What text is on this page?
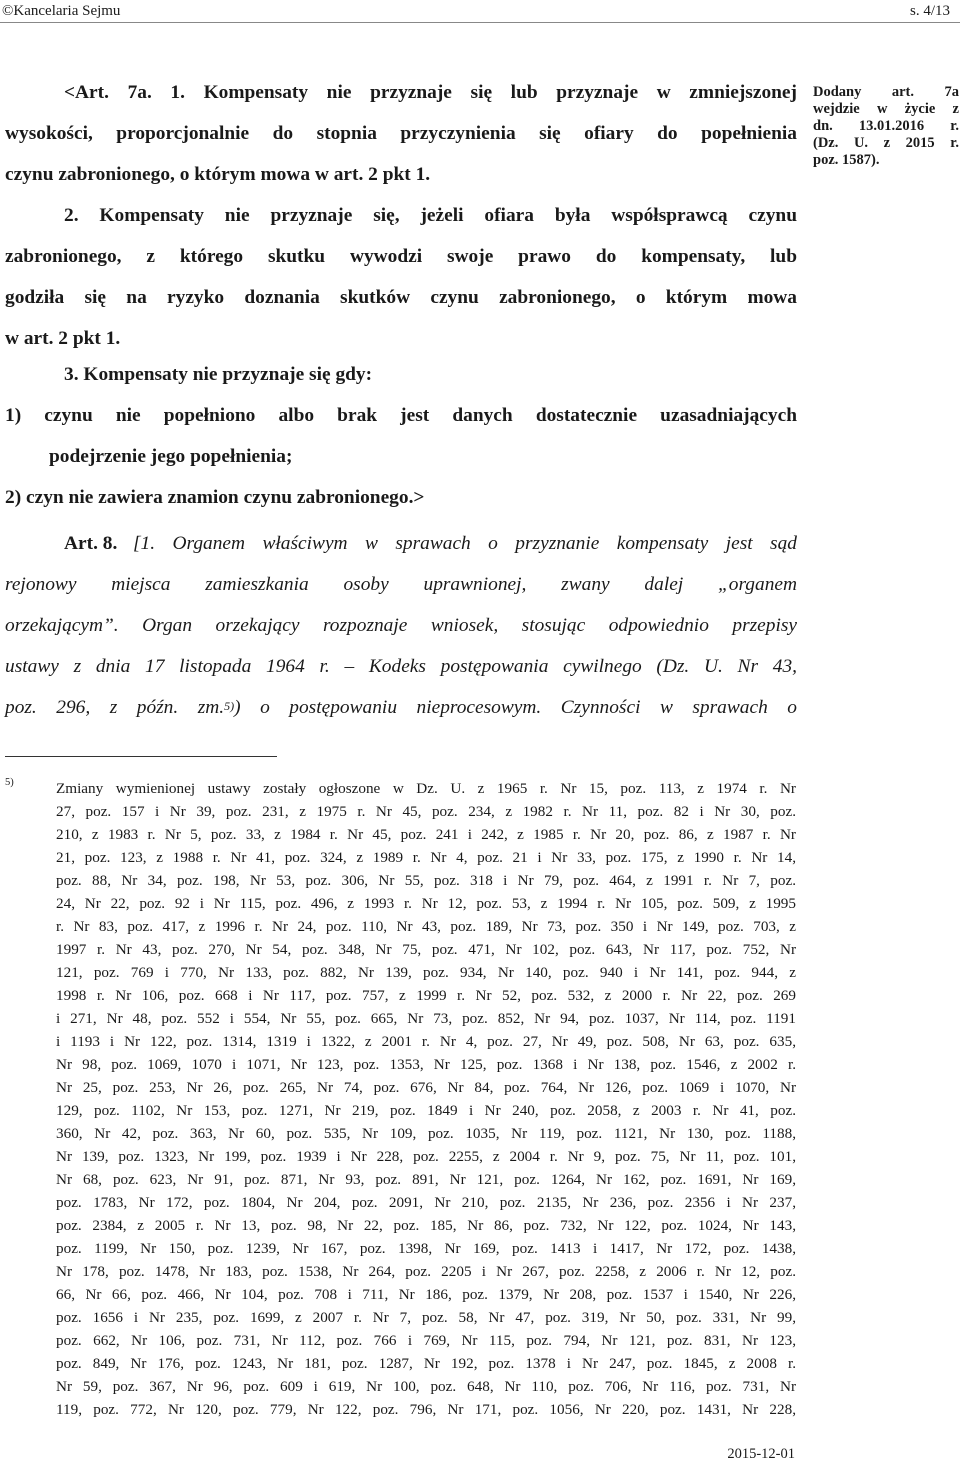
©Kancelaria Sejmu	s. 4/13
Dodany art. 7a
wejdzie w życie z
dn. 13.01.2016 r.
(Dz. U. z 2015 r.
poz. 1587).
<Art. 7a. 1. Kompensaty nie przyznaje się lub przyznaje w zmniejszonej
wysokości, proporcjonalnie do stopnia przyczynienia się ofiary do popełnienia
czynu zabronionego, o którym mowa w art. 2 pkt 1.
2. Kompensaty nie przyznaje się, jeżeli ofiara była współsprawcą czynu
zabronionego, z którego skutku wywodzi swoje prawo do kompensaty, lub
godziła się na ryzyko doznania skutków czynu zabronionego, o którym mowa
w art. 2 pkt 1.
3. Kompensaty nie przyznaje się gdy:
1) czynu nie popełniono albo brak jest danych dostatecznie uzasadniających
podejrzenie jego popełnienia;
2) czyn nie zawiera znamion czynu zabronionego.>
Art. 8. [1. Organem właściwym w sprawach o przyznanie kompensaty jest sąd
rejonowy miejsca zamieszkania osoby uprawnionej, zwany dalej „organem
orzekającym”. Organ orzekający rozpoznaje wniosek, stosując odpowiednio przepisy
ustawy z dnia 17 listopada 1964 r. – Kodeks postępowania cywilnego (Dz. U. Nr 43,
poz. 296, z późn. zm.$^{5)}$) o postępowaniu nieprocesowym. Czynności w sprawach o
5)	Zmiany wymienionej ustawy zostały ogłoszone w Dz. U. z 1965 r. Nr 15, poz. 113, z 1974 r. Nr
27, poz. 157 i Nr 39, poz. 231, z 1975 r. Nr 45, poz. 234, z 1982 r. Nr 11, poz. 82 i Nr 30, poz.
210, z 1983 r. Nr 5, poz. 33, z 1984 r. Nr 45, poz. 241 i 242, z 1985 r. Nr 20, poz. 86, z 1987 r. Nr
21, poz. 123, z 1988 r. Nr 41, poz. 324, z 1989 r. Nr 4, poz. 21 i Nr 33, poz. 175, z 1990 r. Nr 14,
poz. 88, Nr 34, poz. 198, Nr 53, poz. 306, Nr 55, poz. 318 i Nr 79, poz. 464, z 1991 r. Nr 7, poz.
24, Nr 22, poz. 92 i Nr 115, poz. 496, z 1993 r. Nr 12, poz. 53, z 1994 r. Nr 105, poz. 509, z 1995
r. Nr 83, poz. 417, z 1996 r. Nr 24, poz. 110, Nr 43, poz. 189, Nr 73, poz. 350 i Nr 149, poz. 703, z
1997 r. Nr 43, poz. 270, Nr 54, poz. 348, Nr 75, poz. 471, Nr 102, poz. 643, Nr 117, poz. 752, Nr
121, poz. 769 i 770, Nr 133, poz. 882, Nr 139, poz. 934, Nr 140, poz. 940 i Nr 141, poz. 944, z
1998 r. Nr 106, poz. 668 i Nr 117, poz. 757, z 1999 r. Nr 52, poz. 532, z 2000 r. Nr 22, poz. 269
i 271, Nr 48, poz. 552 i 554, Nr 55, poz. 665, Nr 73, poz. 852, Nr 94, poz. 1037, Nr 114, poz. 1191
i 1193 i Nr 122, poz. 1314, 1319 i 1322, z 2001 r. Nr 4, poz. 27, Nr 49, poz. 508, Nr 63, poz. 635,
Nr 98, poz. 1069, 1070 i 1071, Nr 123, poz. 1353, Nr 125, poz. 1368 i Nr 138, poz. 1546, z 2002 r.
Nr 25, poz. 253, Nr 26, poz. 265, Nr 74, poz. 676, Nr 84, poz. 764, Nr 126, poz. 1069 i 1070, Nr
129, poz. 1102, Nr 153, poz. 1271, Nr 219, poz. 1849 i Nr 240, poz. 2058, z 2003 r. Nr 41, poz.
360, Nr 42, poz. 363, Nr 60, poz. 535, Nr 109, poz. 1035, Nr 119, poz. 1121, Nr 130, poz. 1188,
Nr 139, poz. 1323, Nr 199, poz. 1939 i Nr 228, poz. 2255, z 2004 r. Nr 9, poz. 75, Nr 11, poz. 101,
Nr 68, poz. 623, Nr 91, poz. 871, Nr 93, poz. 891, Nr 121, poz. 1264, Nr 162, poz. 1691, Nr 169,
poz. 1783, Nr 172, poz. 1804, Nr 204, poz. 2091, Nr 210, poz. 2135, Nr 236, poz. 2356 i Nr 237,
poz. 2384, z 2005 r. Nr 13, poz. 98, Nr 22, poz. 185, Nr 86, poz. 732, Nr 122, poz. 1024, Nr 143,
poz. 1199, Nr 150, poz. 1239, Nr 167, poz. 1398, Nr 169, poz. 1413 i 1417, Nr 172, poz. 1438,
Nr 178, poz. 1478, Nr 183, poz. 1538, Nr 264, poz. 2205 i Nr 267, poz. 2258, z 2006 r. Nr 12, poz.
66, Nr 66, poz. 466, Nr 104, poz. 708 i 711, Nr 186, poz. 1379, Nr 208, poz. 1537 i 1540, Nr 226,
poz. 1656 i Nr 235, poz. 1699, z 2007 r. Nr 7, poz. 58, Nr 47, poz. 319, Nr 50, poz. 331, Nr 99,
poz. 662, Nr 106, poz. 731, Nr 112, poz. 766 i 769, Nr 115, poz. 794, Nr 121, poz. 831, Nr 123,
poz. 849, Nr 176, poz. 1243, Nr 181, poz. 1287, Nr 192, poz. 1378 i Nr 247, poz. 1845, z 2008 r.
Nr 59, poz. 367, Nr 96, poz. 609 i 619, Nr 100, poz. 648, Nr 110, poz. 706, Nr 116, poz. 731, Nr
119, poz. 772, Nr 120, poz. 779, Nr 122, poz. 796, Nr 171, poz. 1056, Nr 220, poz. 1431, Nr 228,
2015-12-01
